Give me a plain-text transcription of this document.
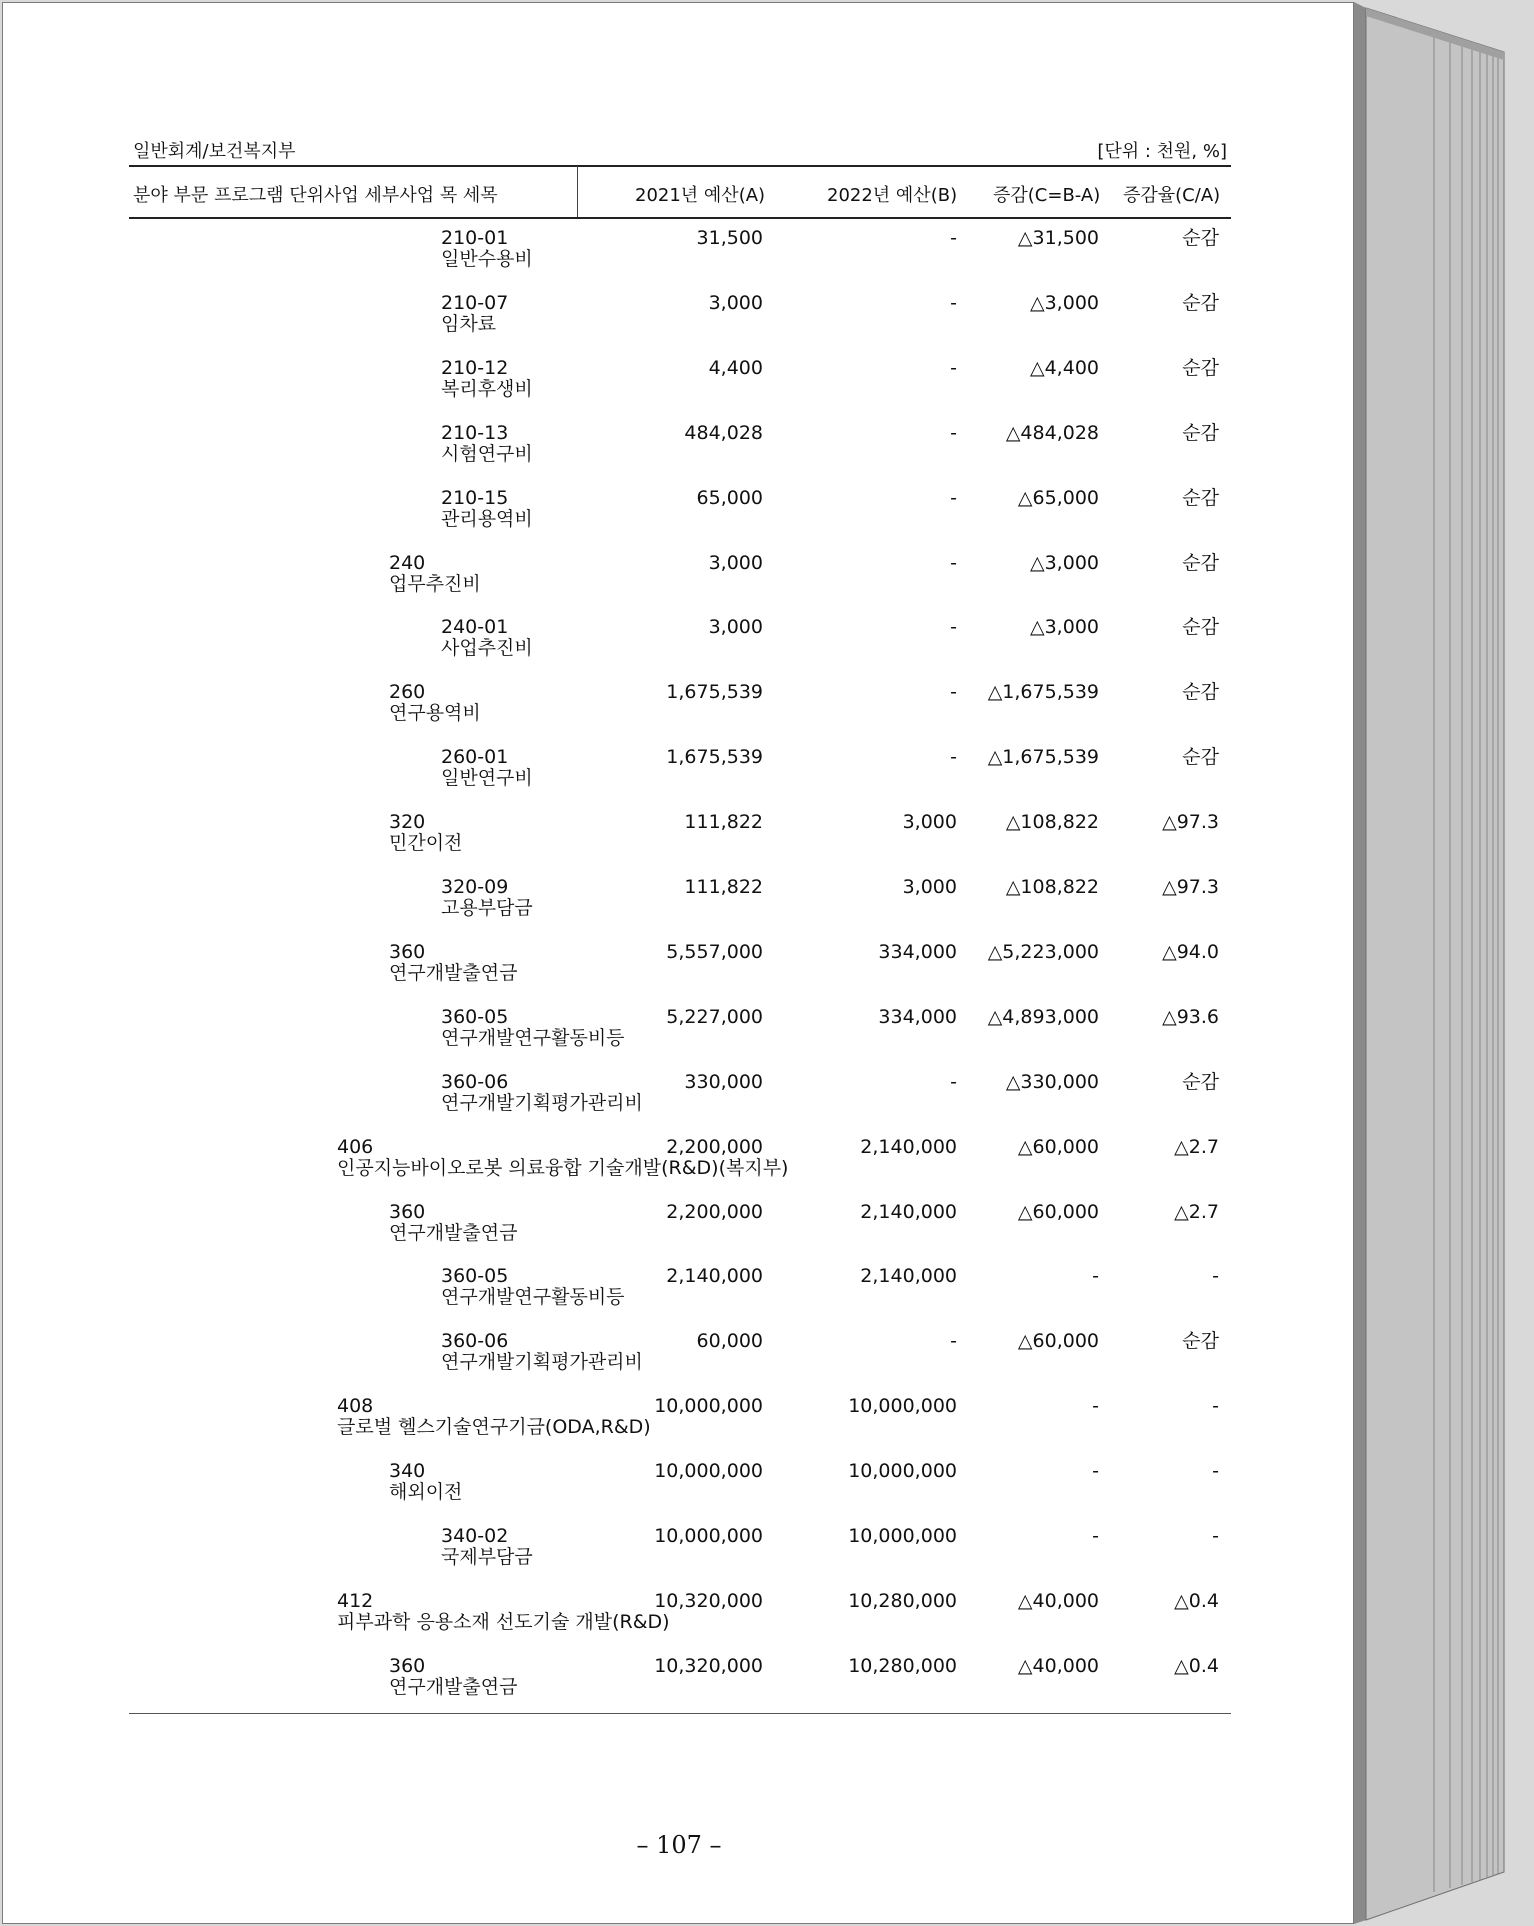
일반회계/보건복지부	[단위 : 천원, %]
분야 부문 프로그램 단위사업 세부사업 목 세목	2021년 예산(A)	2022년 예산(B) 증감(C=B-A) 증감율(C/A)
210-01
일반수용비
31,500	-	△31,500	순감
210-07
임차료
3,000	-	△3,000	순감
210-12
복리후생비
4,400	-	△4,400	순감
210-13
시험연구비
484,028	-	△484,028	순감
210-15
관리용역비
65,000	-	△65,000	순감
240
업무추진비
3,000	-	△3,000	순감
240-01
사업추진비
3,000	-	△3,000	순감
260
연구용역비
1,675,539	- △1,675,539	순감
260-01
일반연구비
1,675,539	- △1,675,539	순감
320
민간이전
111,822	3,000	△108,822	△97.3
320-09
고용부담금
111,822	3,000	△108,822	△97.3
360
연구개발출연금
5,557,000	334,000 △5,223,000	△94.0
360-05
연구개발연구활동비등
5,227,000	334,000 △4,893,000	△93.6
360-06
연구개발기획평가관리비
330,000	-	△330,000	순감
406
인공지능바이오로봇 의료융합 기술개발(R&D)(복지부)
2,200,000	2,140,000	△60,000	△2.7
360
연구개발출연금
2,200,000	2,140,000	△60,000	△2.7
360-05
연구개발연구활동비등
2,140,000	2,140,000	-	-
360-06
연구개발기획평가관리비
60,000	-	△60,000	순감
408
글로벌 헬스기술연구기금(ODA,R&D)
10,000,000	10,000,000	-	-
340
해외이전
10,000,000	10,000,000	-	-
340-02
국제부담금
10,000,000	10,000,000	-	-
412
피부과학 응용소재 선도기술 개발(R&D)
10,320,000	10,280,000	△40,000	△0.4
360
연구개발출연금
10,320,000	10,280,000	△40,000	△0.4
– 107 –
